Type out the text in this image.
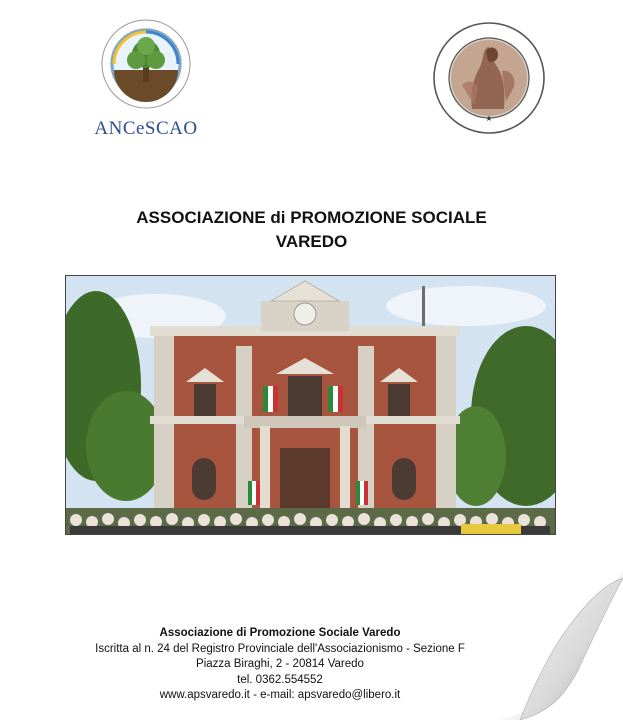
ANCeSCAO	★
ASSOCIAZIONE di PROMOZIONE SOCIALE
VAREDO
Associazione di Promozione Sociale Varedo
Iscritta al n. 24 del Registro Provinciale dell'Associazionismo - Sezione F
Piazza Biraghi, 2 - 20814 Varedo
tel. 0362.554552
www.apsvaredo.it - e-mail: apsvaredo@libero.it
